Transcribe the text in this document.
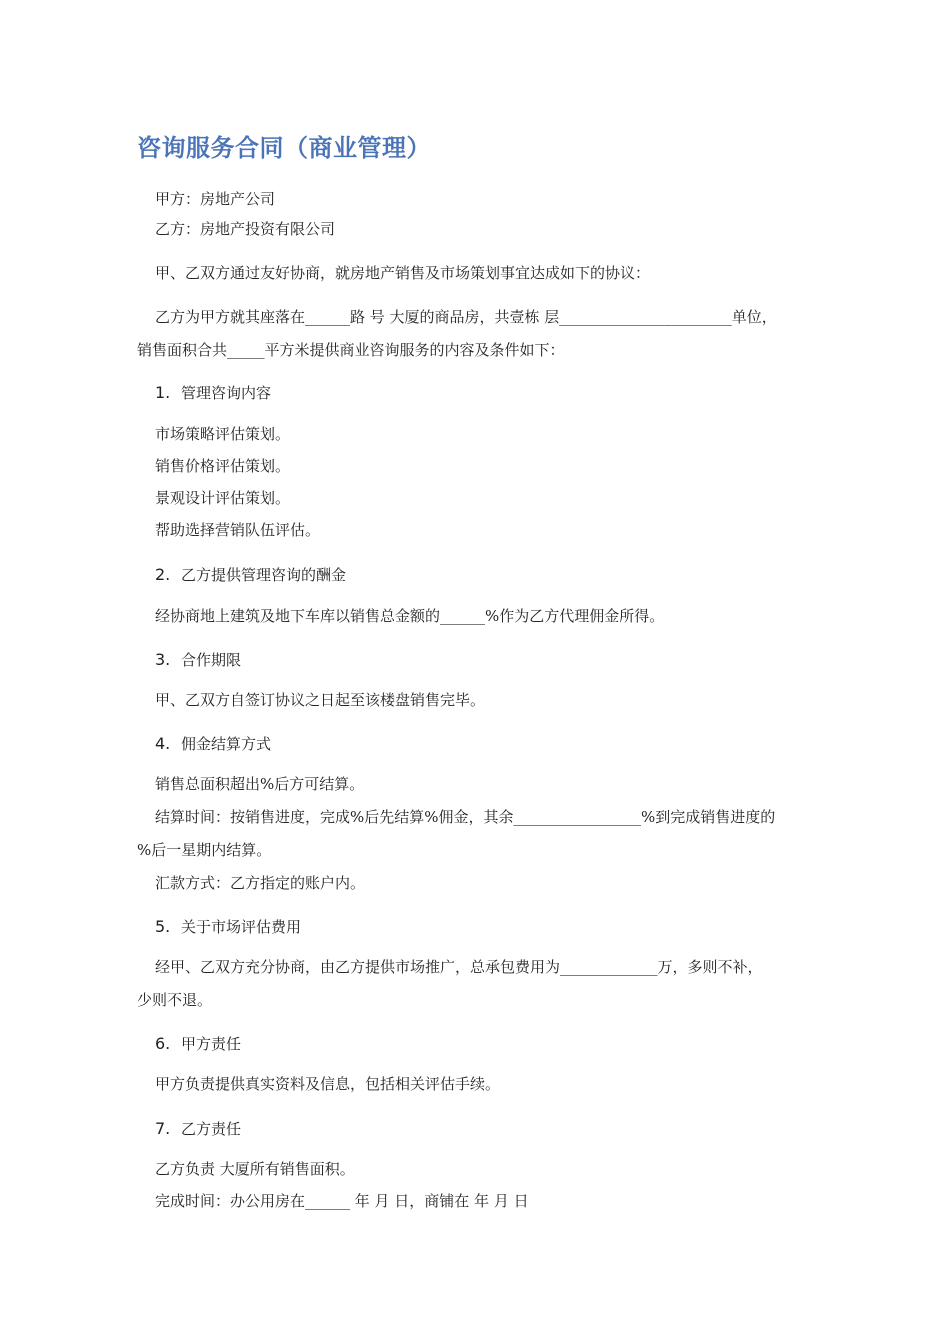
咨询服务合同（商业管理）
甲方：房地产公司
乙方：房地产投资有限公司
甲、乙双方通过友好协商，就房地产销售及市场策划事宜达成如下的协议：
乙方为甲方就其座落在______路 号 大厦的商品房，共壹栋 层_______________________单位，
销售面积合共_____平方米提供商业咨询服务的内容及条件如下：
1. 管理咨询内容
市场策略评估策划。
销售价格评估策划。
景观设计评估策划。
帮助选择营销队伍评估。
2. 乙方提供管理咨询的酬金
经协商地上建筑及地下车库以销售总金额的______%作为乙方代理佣金所得。
3. 合作期限
甲、乙双方自签订协议之日起至该楼盘销售完毕。
4. 佣金结算方式
销售总面积超出%后方可结算。
结算时间：按销售进度，完成%后先结算%佣金，其余_________________%到完成销售进度的
%后一星期内结算。
汇款方式：乙方指定的账户内。
5. 关于市场评估费用
经甲、乙双方充分协商，由乙方提供市场推广，总承包费用为_____________万，多则不补，
少则不退。
6. 甲方责任
甲方负责提供真实资料及信息，包括相关评估手续。
7. 乙方责任
乙方负责 大厦所有销售面积。
完成时间：办公用房在______ 年 月 日，商铺在 年 月 日
